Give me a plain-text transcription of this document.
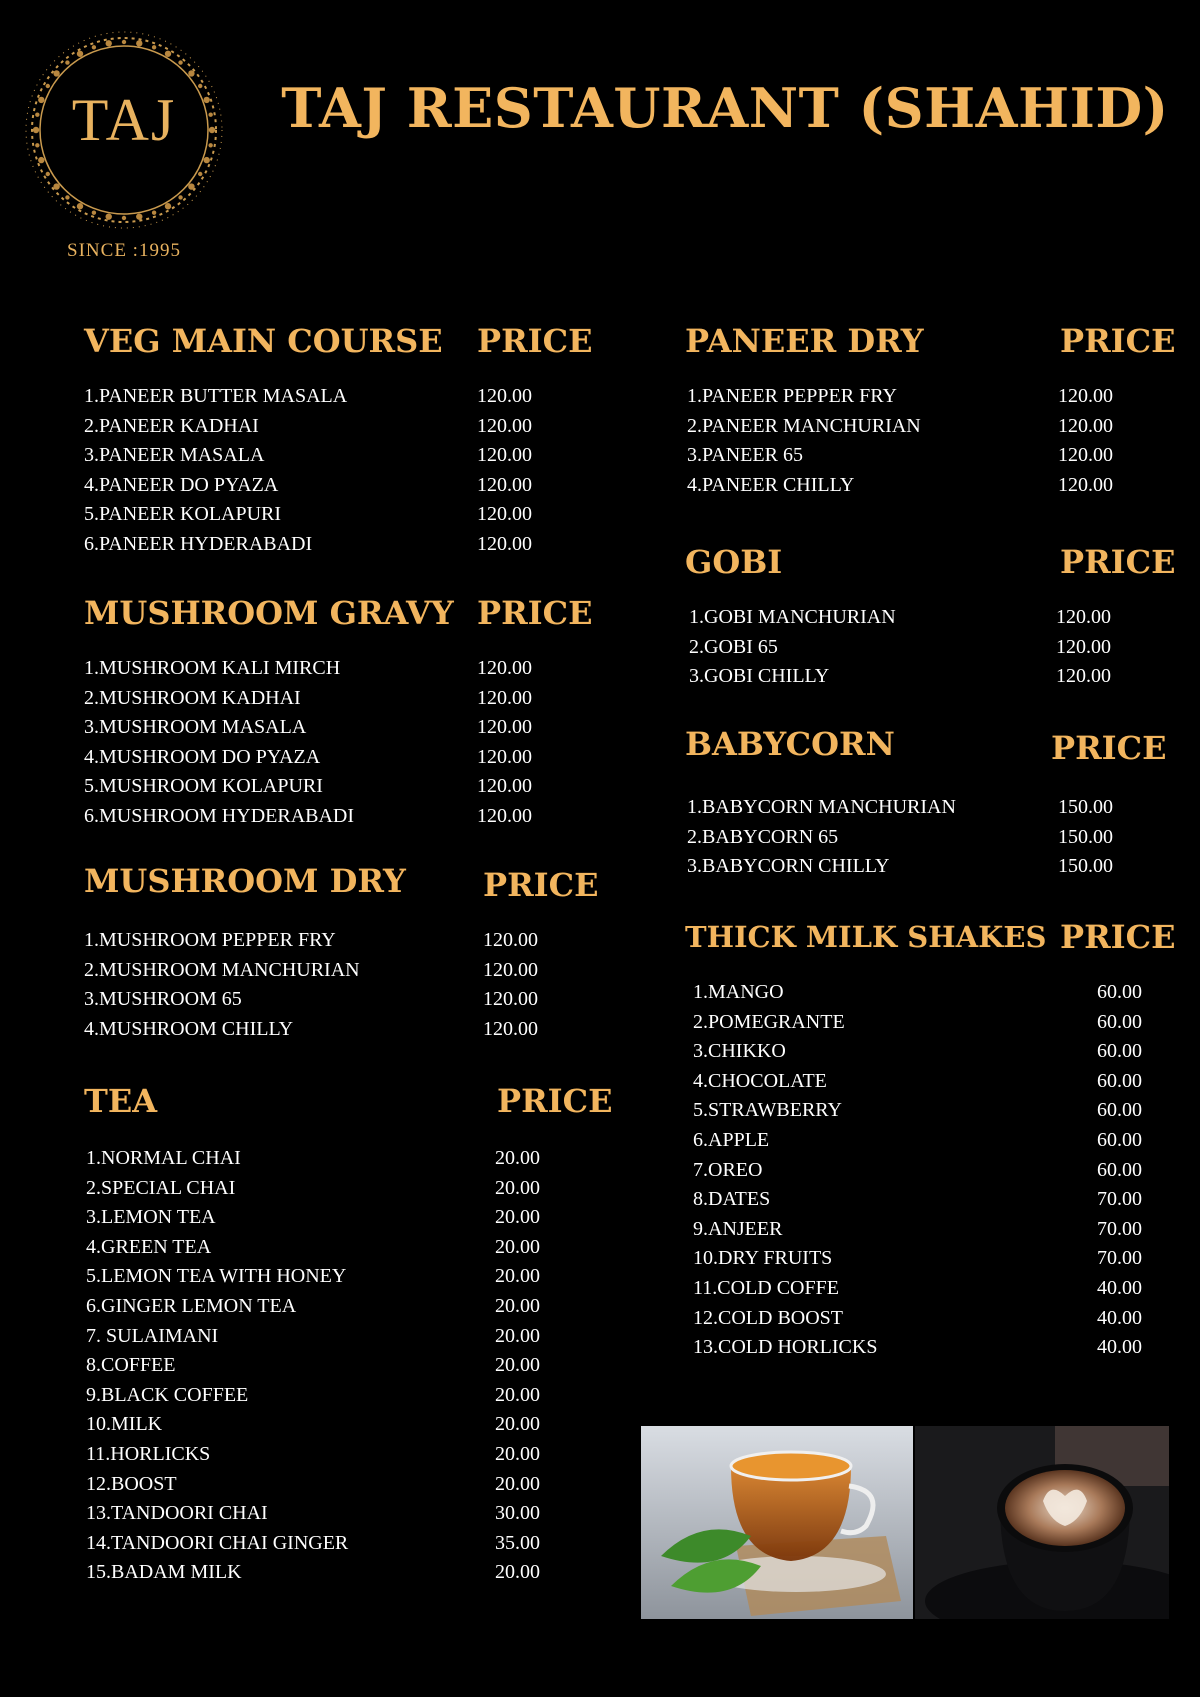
TAJ
SINCE :1995
TAJ RESTAURANT (SHAHID)
VEG MAIN COURSE PRICE
1.PANEER BUTTER MASALA	120.00
2.PANEER KADHAI	120.00
3.PANEER MASALA	120.00
4.PANEER DO PYAZA	120.00
5.PANEER KOLAPURI	120.00
6.PANEER HYDERABADI	120.00
MUSHROOM GRAVY PRICE
1.MUSHROOM KALI MIRCH	120.00
2.MUSHROOM KADHAI	120.00
3.MUSHROOM MASALA	120.00
4.MUSHROOM DO PYAZA	120.00
5.MUSHROOM KOLAPURI	120.00
6.MUSHROOM HYDERABADI	120.00
MUSHROOM DRY PRICE
1.MUSHROOM PEPPER FRY	120.00
2.MUSHROOM MANCHURIAN	120.00
3.MUSHROOM 65	120.00
4.MUSHROOM CHILLY	120.00
TEA	PRICE
1.NORMAL CHAI	20.00
2.SPECIAL CHAI	20.00
3.LEMON TEA	20.00
4.GREEN TEA	20.00
5.LEMON TEA WITH HONEY	20.00
6.GINGER LEMON TEA	20.00
7. SULAIMANI	20.00
8.COFFEE	20.00
9.BLACK COFFEE	20.00
10.MILK	20.00
11.HORLICKS	20.00
12.BOOST	20.00
13.TANDOORI CHAI	30.00
14.TANDOORI CHAI GINGER	35.00
15.BADAM MILK	20.00
PANEER DRY	PRICE
1.PANEER PEPPER FRY	120.00
2.PANEER MANCHURIAN	120.00
3.PANEER 65	120.00
4.PANEER CHILLY	120.00
GOBI	PRICE
1.GOBI MANCHURIAN	120.00
2.GOBI 65	120.00
3.GOBI CHILLY	120.00
BABYCORN	PRICE
1.BABYCORN MANCHURIAN	150.00
2.BABYCORN 65	150.00
3.BABYCORN CHILLY	150.00
THICK MILK SHAKES PRICE
1.MANGO	60.00
2.POMEGRANTE	60.00
3.CHIKKO	60.00
4.CHOCOLATE	60.00
5.STRAWBERRY	60.00
6.APPLE	60.00
7.OREO	60.00
8.DATES	70.00
9.ANJEER	70.00
10.DRY FRUITS	70.00
11.COLD COFFE	40.00
12.COLD BOOST	40.00
13.COLD HORLICKS	40.00
